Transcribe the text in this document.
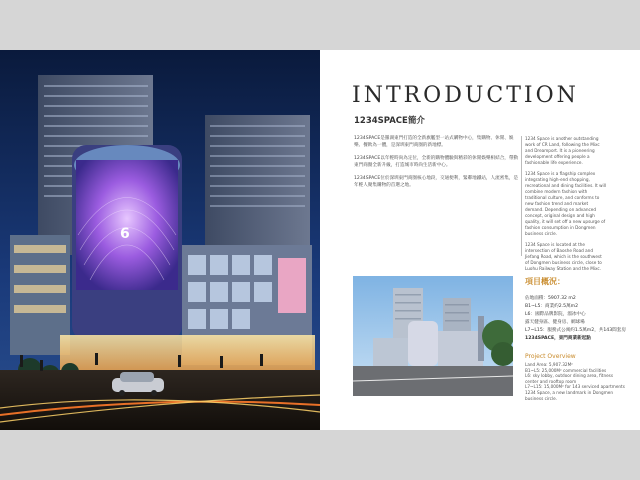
6
INTRODUCTION
1234SPACE簡介

1234SPACE是羅湖東門打造的全新旗艦型一站式購物中心，集購物、休閒、娛樂、餐飲為一體，是深圳東門商圈的新地標。

1234SPACE以年輕時尚為定位，全新的購物體驗與精彩的休閒娛樂相結合，帶動東門商圈全新升級，打造城市時尚生活新中心。

1234SPACE位於深圳東門商圈核心地段，交通便利，緊鄰地鐵站，人流密集，是年輕人聚集購物的首選之地。

1234 Space is another outstanding work of CR Land, following the Mixc and Dreamport. It is a pioneering development offering people a fashionable life experience.

1234 Space is a flagship complex integrating high-end shopping, recreational and dining facilities. It will combine modern fashion with traditional culture, and conforms to new fashion trend and market demand. Depending on advanced concept, original design and high quality, it will set off a new upsurge of fashion consumption in Dongmen business circle.

1234 Space is located at the intersection of Baoshe Road and Jiefang Road, which is the southwest of Dongmen business circle, close to Luohu Railway Station and the Mixc.

項目概況：
佔地面積：5907.32 m2
B1~L5：商業約2.5萬m2
L6：國際品牌影院，溜冰中心
露天健身區、健身房、網球場
L7~L15：服務式公寓約1.5萬m2，共143間套房
1234SPACE，東門商業新起點
Project Overview
Land Area: 5,907.32M²
B1~L5: 25,000M² commercial facilities
L6: sky lobby, outdoor dining area, fitness center and rooftop room
L7~L15: 15,000M² for 143 serviced apartments
1234 Space, a new landmark in Dongmen business circle.
